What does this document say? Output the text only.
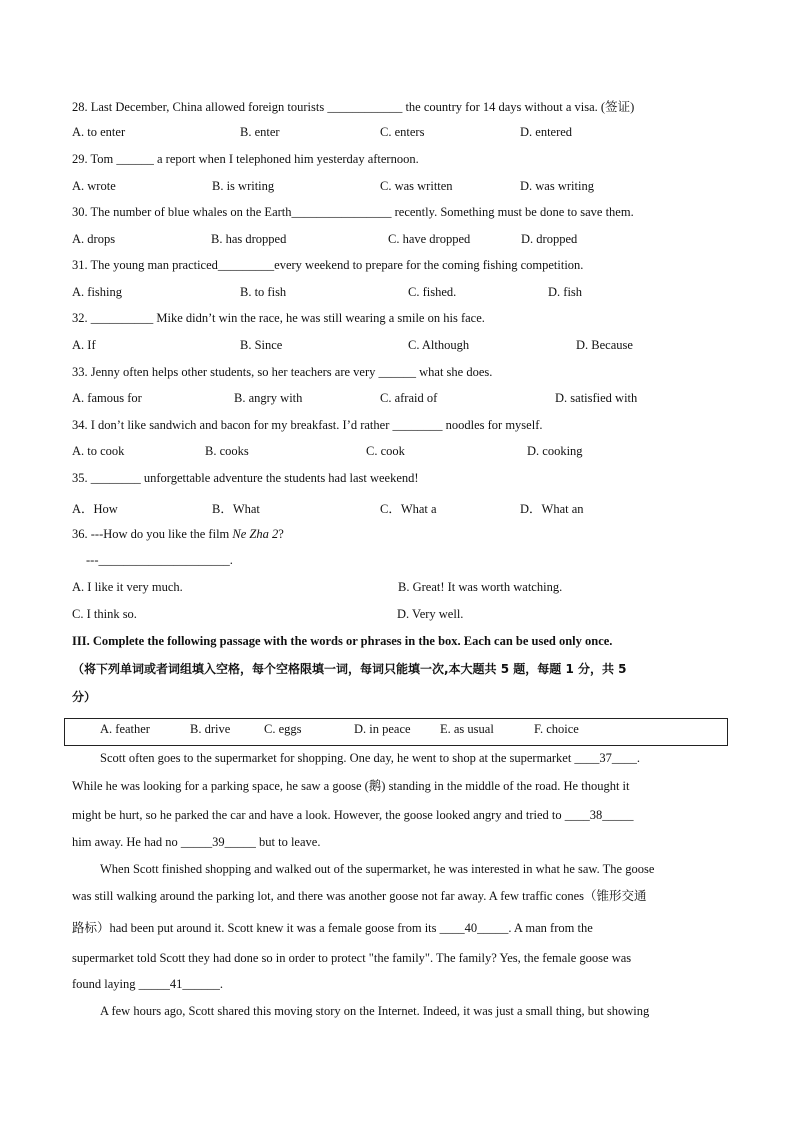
28. Last December, China allowed foreign tourists ____________ the country for 14 days without a visa. (签证)
A. to enter	B. enter	C. enters	D. entered
29. Tom ______ a report when I telephoned him yesterday afternoon.
A. wrote	B. is writing	C. was written	D. was writing
30. The number of blue whales on the Earth________________ recently. Something must be done to save them.
A. drops	B. has dropped	C. have dropped	D. dropped
31. The young man practiced_________every weekend to prepare for the coming fishing competition.
A. fishing	B. to fish	C. fished.	D. fish
32. __________ Mike didn’t win the race, he was still wearing a smile on his face.
A. If	B. Since	C. Although	D. Because
33. Jenny often helps other students, so her teachers are very ______ what she does.
A. famous for	B. angry with	C. afraid of	D. satisfied with
34. I don’t like sandwich and bacon for my breakfast. I’d rather ________ noodles for myself.
A. to cook	B. cooks	C. cook	D. cooking
35. ________ unforgettable adventure the students had last weekend!
A．How	B．What	C．What a	D．What an
36. ---How do you like the film Ne Zha 2?
---_____________________.
A. I like it very much.	B. Great! It was worth watching.
C. I think so.	D. Very well.
III. Complete the following passage with the words or phrases in the box. Each can be used only once.
（将下列单词或者词组填入空格，每个空格限填一词，每词只能填一次,本大题共 5 题，每题 1 分，共 5
分）
A. feather	B. drive	C. eggs	D. in peace E. as usual	F. choice
Scott often goes to the supermarket for shopping. One day, he went to shop at the supermarket ____37____.
While he was looking for a parking space, he saw a goose (鹅) standing in the middle of the road. He thought it
might be hurt, so he parked the car and have a look. However, the goose looked angry and tried to ____38_____
him away. He had no _____39_____ but to leave.
When Scott finished shopping and walked out of the supermarket, he was interested in what he saw. The goose
was still walking around the parking lot, and there was another goose not far away. A few traffic cones（锥形交通
路标）had been put around it. Scott knew it was a female goose from its ____40_____. A man from the
supermarket told Scott they had done so in order to protect "the family". The family? Yes, the female goose was
found laying _____41______.
A few hours ago, Scott shared this moving story on the Internet. Indeed, it was just a small thing, but showing
